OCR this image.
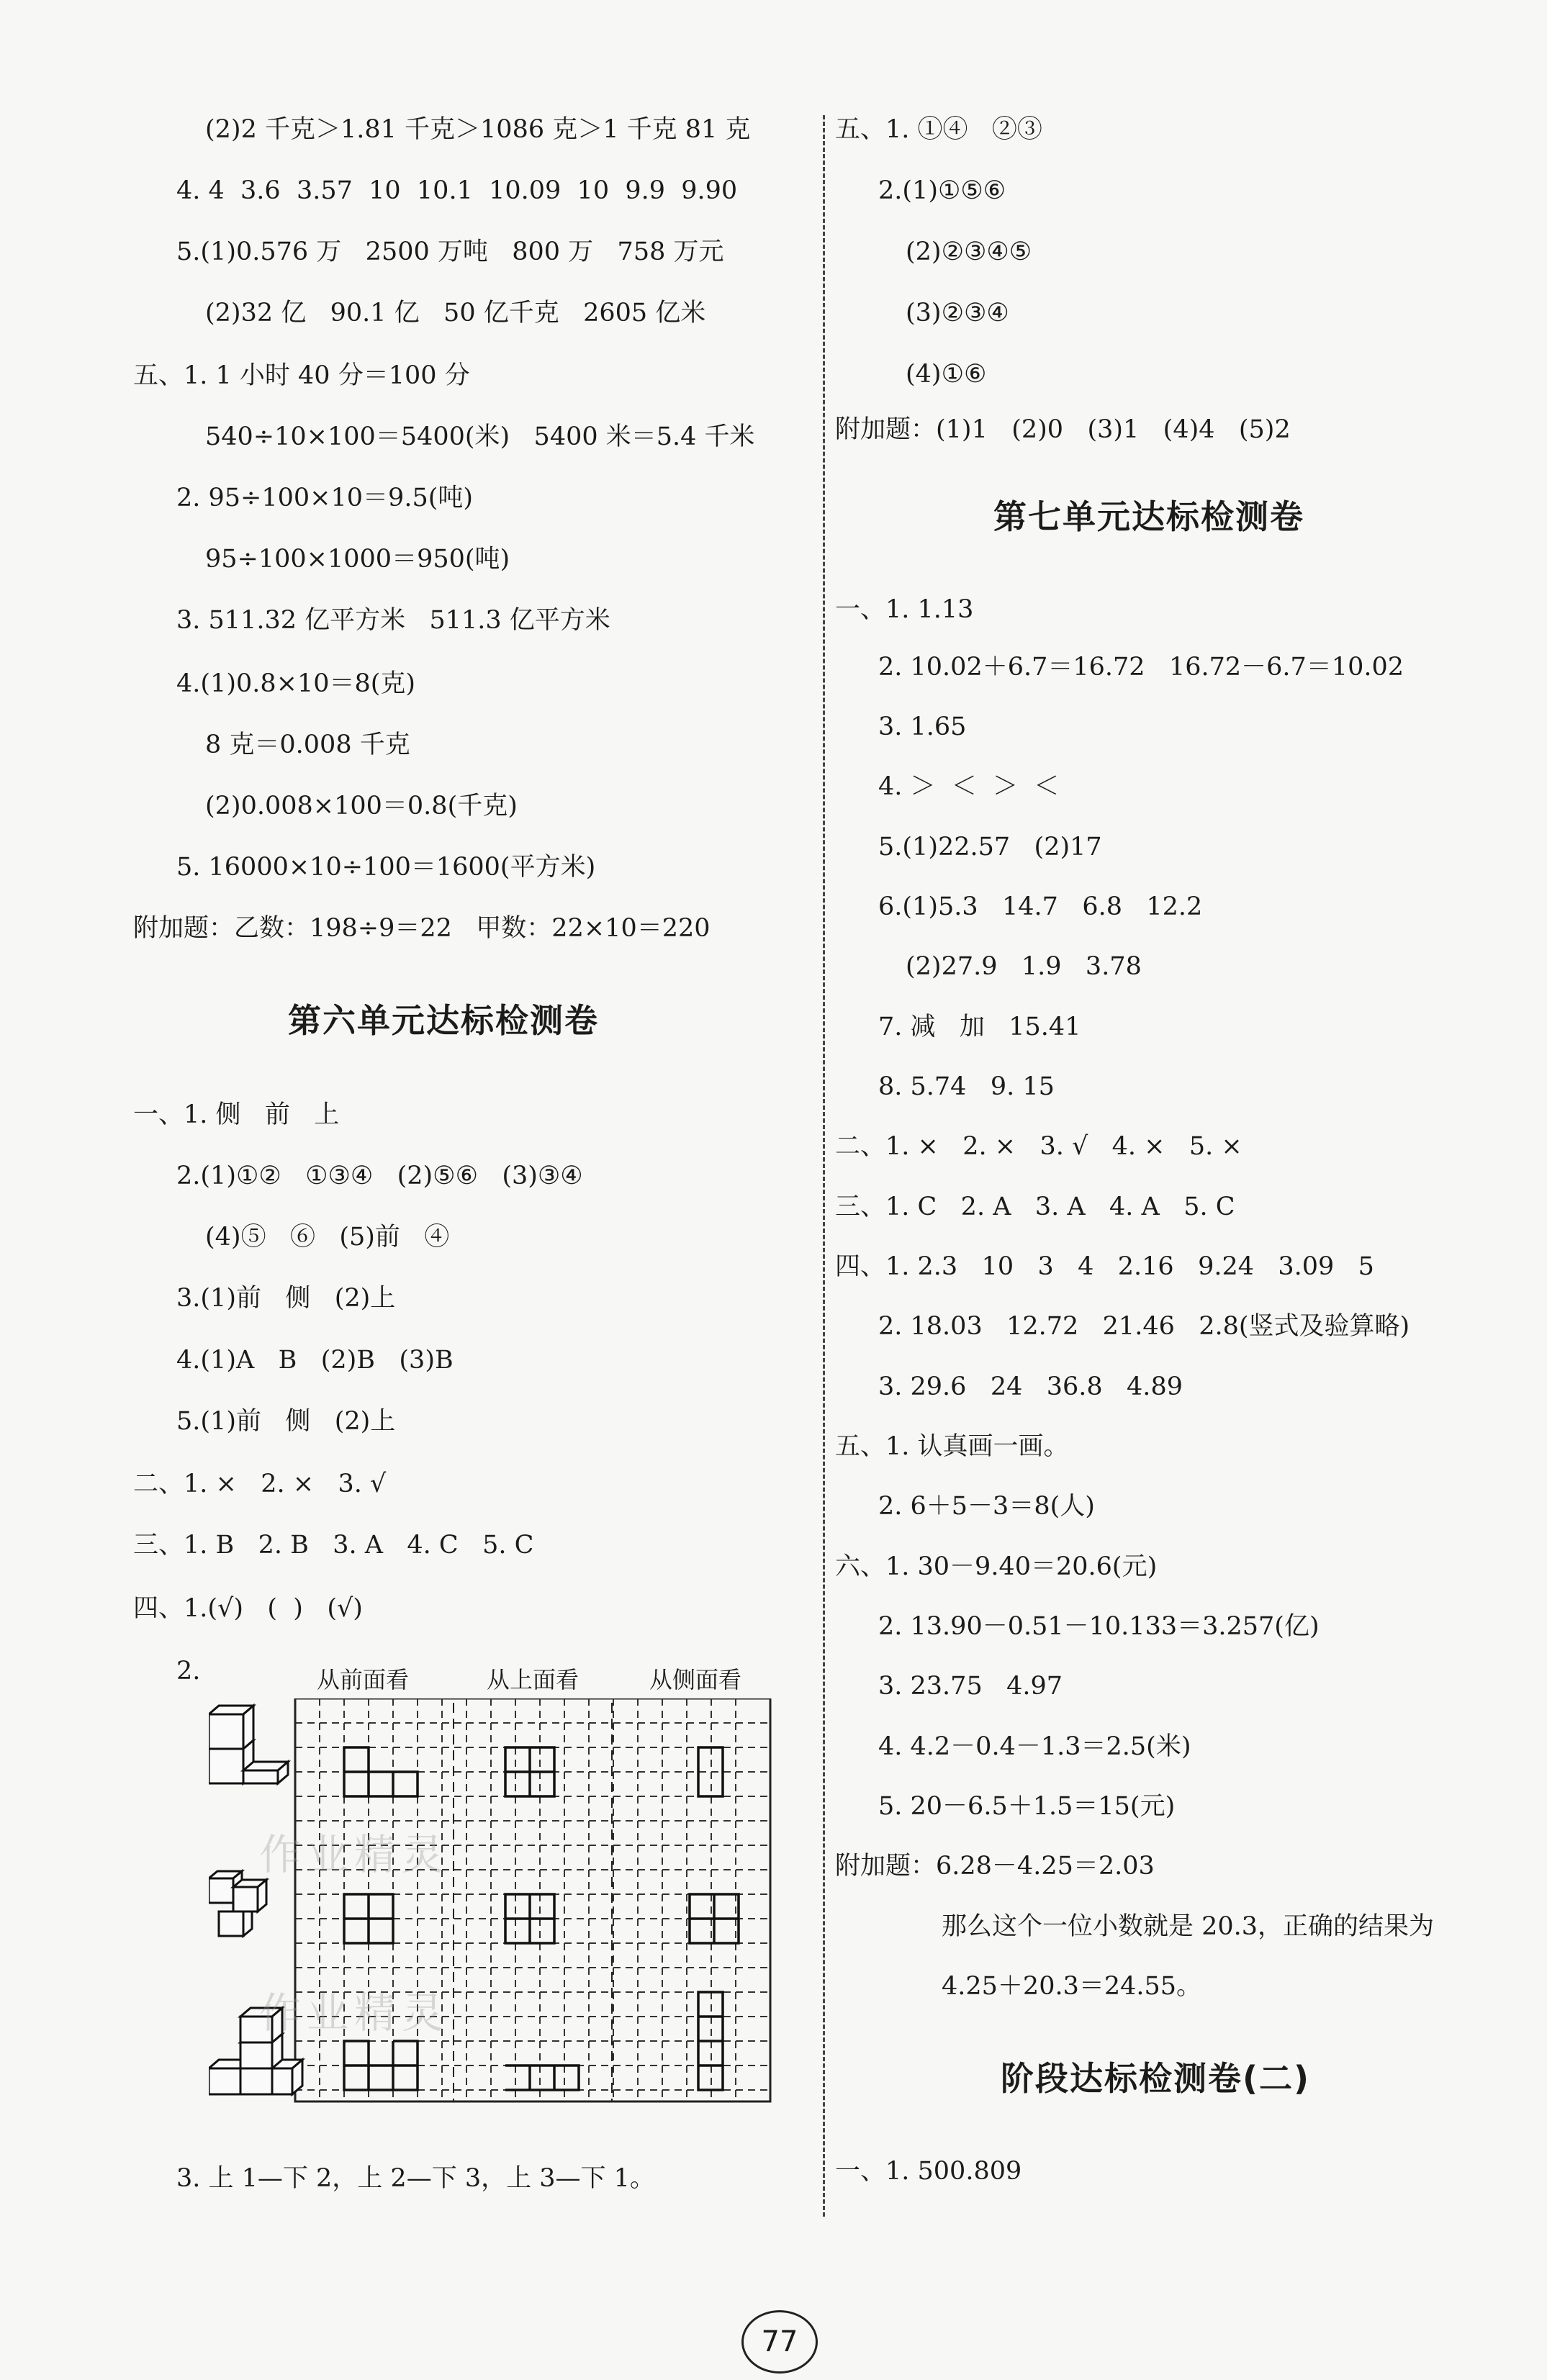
(2)2 千克＞1.81 千克＞1086 克＞1 千克 81 克
4. 4  3.6  3.57  10  10.1  10.09  10  9.9  9.90
5.(1)0.576 万   2500 万吨   800 万   758 万元
(2)32 亿   90.1 亿   50 亿千克   2605 亿米
五、1. 1 小时 40 分＝100 分
540÷10×100＝5400(米)   5400 米＝5.4 千米
2. 95÷100×10＝9.5(吨)
95÷100×1000＝950(吨)
3. 511.32 亿平方米   511.3 亿平方米
4.(1)0.8×10＝8(克)
8 克＝0.008 千克
(2)0.008×100＝0.8(千克)
5. 16000×10÷100＝1600(平方米)
附加题：乙数：198÷9＝22   甲数：22×10＝220
第六单元达标检测卷
一、1. 侧   前   上
2.(1)①②   ①③④   (2)⑤⑥   (3)③④
(4)⑤   ⑥   (5)前   ④
3.(1)前   侧   (2)上
4.(1)A   B   (2)B   (3)B
5.(1)前   侧   (2)上
二、1. ×   2. ×   3. √
三、1. B   2. B   3. A   4. C   5. C
四、1.(√)   (  )   (√)
2.	从前面看	从上面看	从侧面看
作业精灵
作业精灵
3. 上 1—下 2，上 2—下 3，上 3—下 1。
五、1. ①④   ②③
2.(1)①⑤⑥
(2)②③④⑤
(3)②③④
(4)①⑥
附加题：(1)1   (2)0   (3)1   (4)4   (5)2
第七单元达标检测卷
一、1. 1.13
2. 10.02＋6.7＝16.72   16.72－6.7＝10.02
3. 1.65
4. ＞  ＜  ＞  ＜
5.(1)22.57   (2)17
6.(1)5.3   14.7   6.8   12.2
(2)27.9   1.9   3.78
7. 减   加   15.41
8. 5.74   9. 15
二、1. ×   2. ×   3. √   4. ×   5. ×
三、1. C   2. A   3. A   4. A   5. C
四、1. 2.3   10   3   4   2.16   9.24   3.09   5
2. 18.03   12.72   21.46   2.8(竖式及验算略)
3. 29.6   24   36.8   4.89
五、1. 认真画一画。
2. 6＋5－3＝8(人)
六、1. 30－9.40＝20.6(元)
2. 13.90－0.51－10.133＝3.257(亿)
3. 23.75   4.97
4. 4.2－0.4－1.3＝2.5(米)
5. 20－6.5＋1.5＝15(元)
附加题：6.28－4.25＝2.03
那么这个一位小数就是 20.3，正确的结果为
4.25＋20.3＝24.55。
阶段达标检测卷(二)
一、1. 500.809
77
